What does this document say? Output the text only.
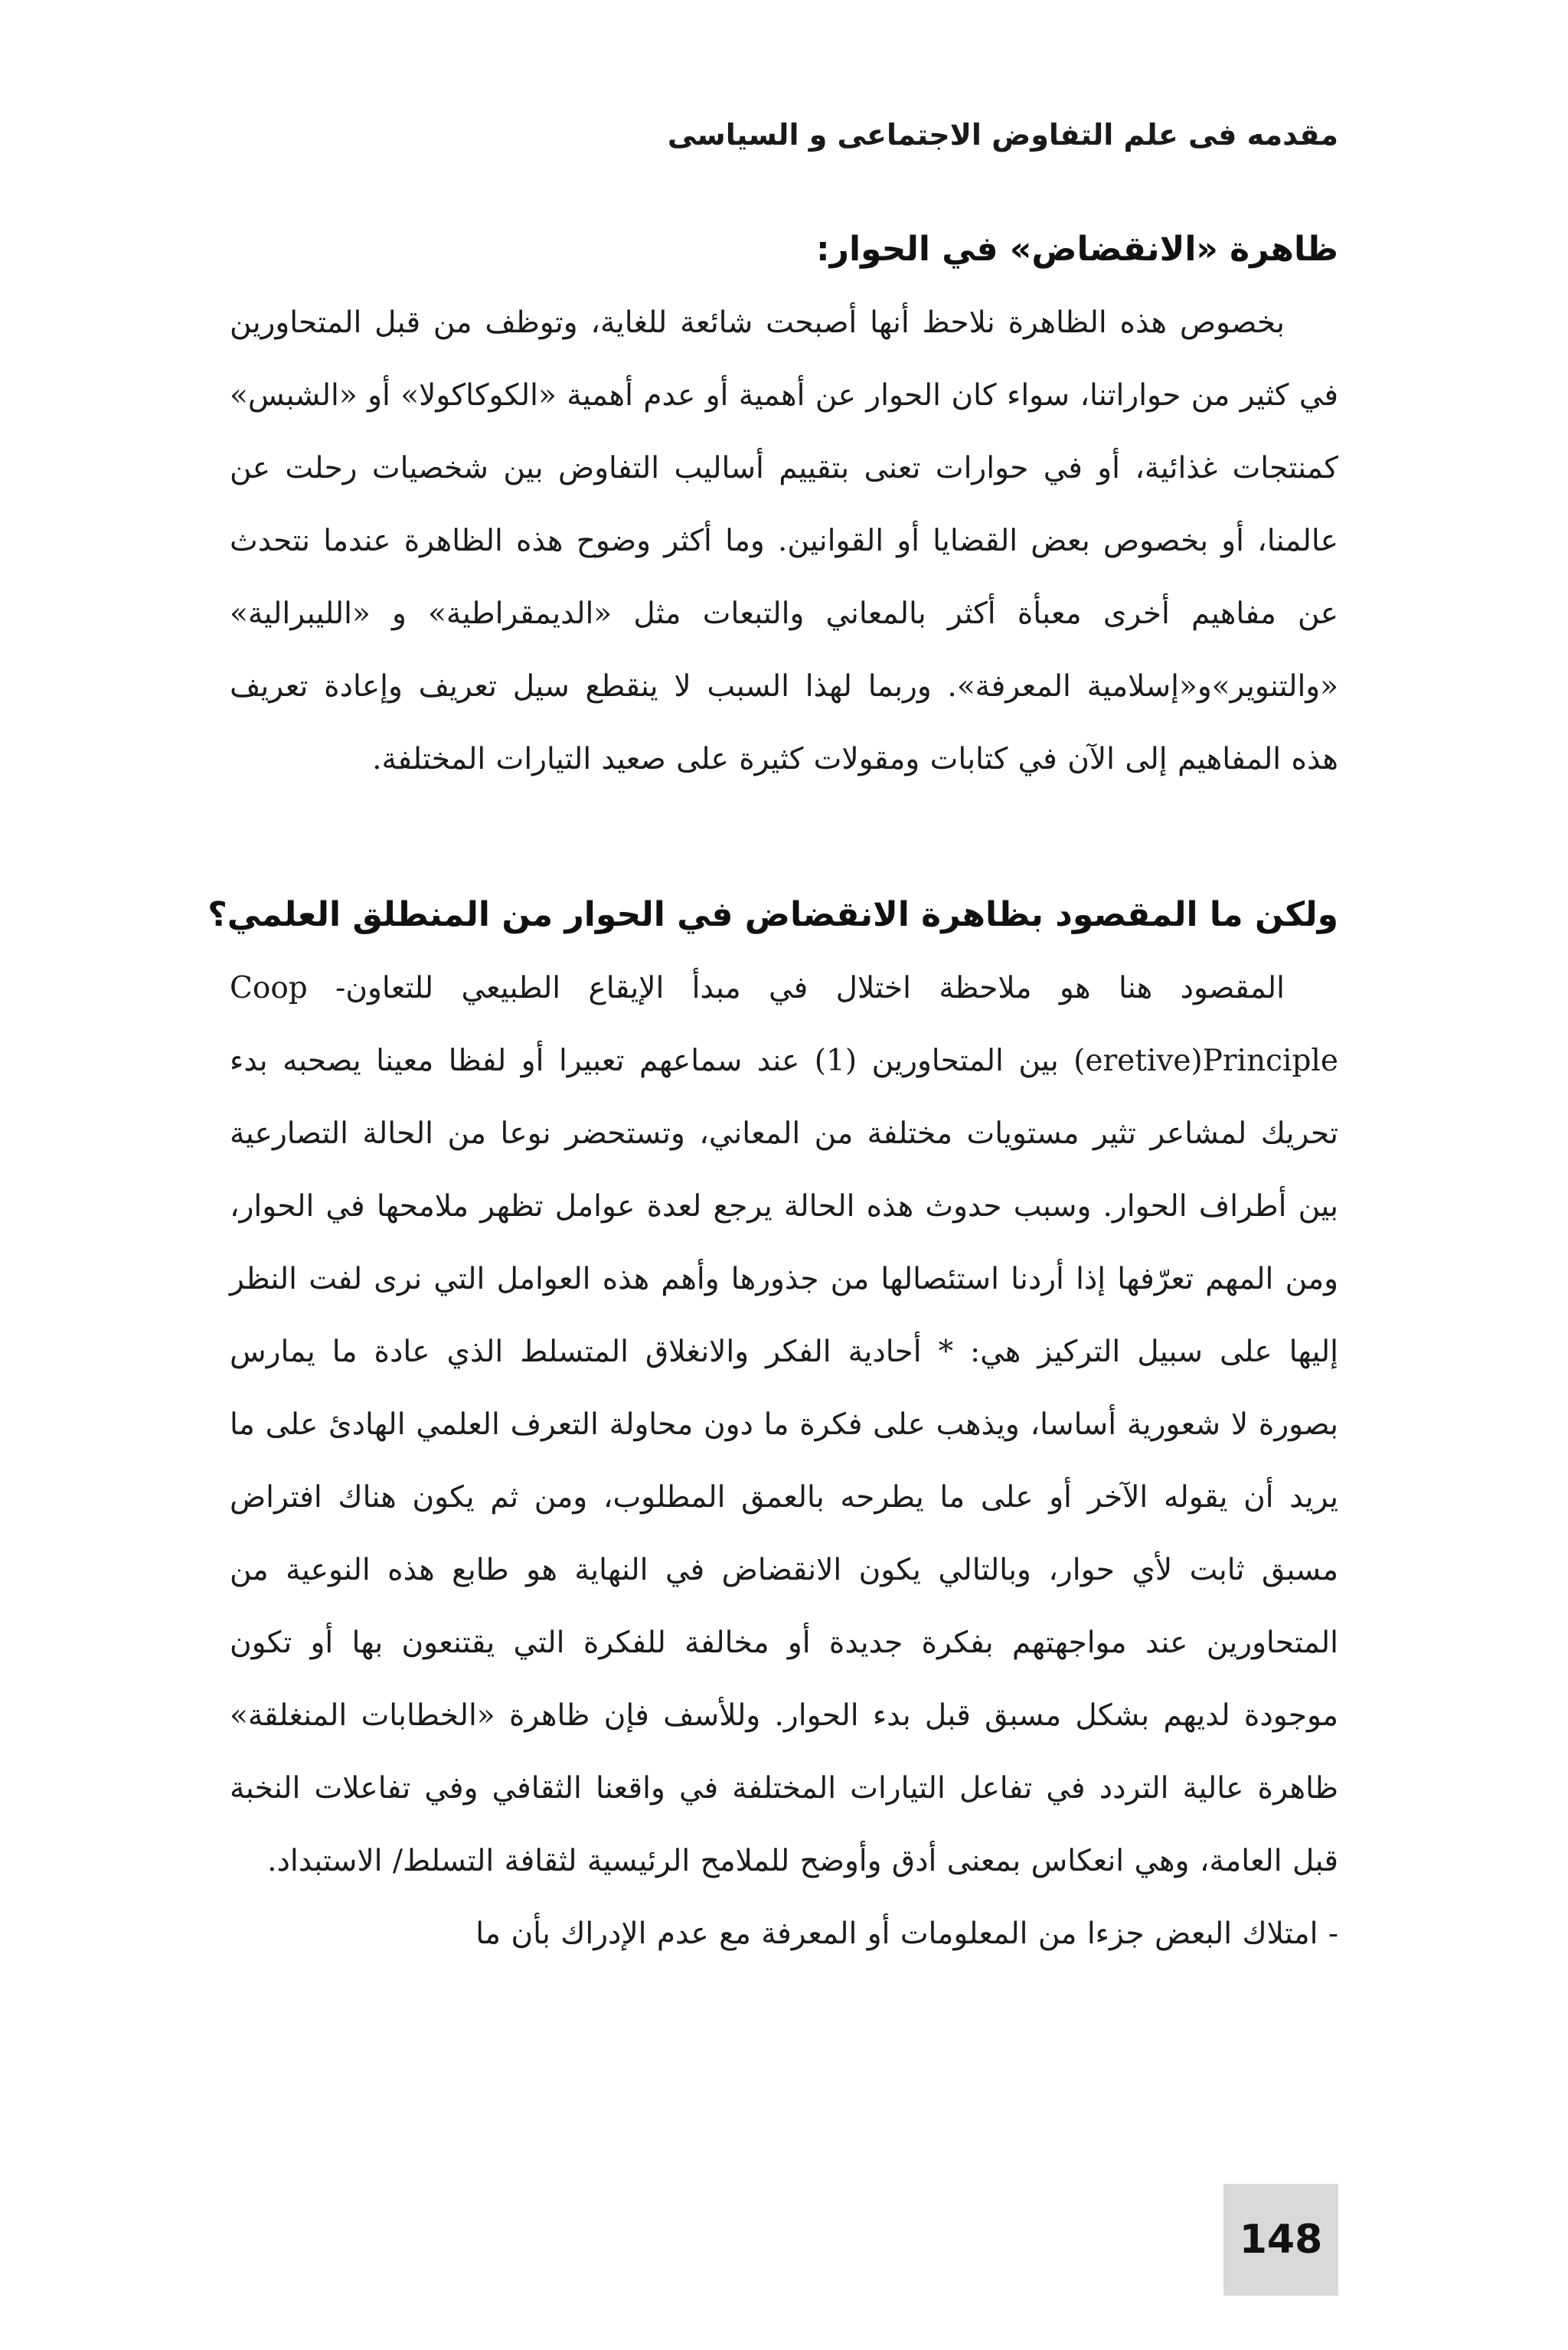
مقدمه فى علم التفاوض الاجتماعى و السياسى
ظاهرة «الانقضاض» في الحوار:

بخصوص هذه الظاهرة نلاحظ أنها أصبحت شائعة للغاية، وتوظف من قبل المتحاورين في كثير من حواراتنا، سواء كان الحوار عن أهمية أو عدم أهمية «الكوكاكولا» أو «الشبس» كمنتجات غذائية، أو في حوارات تعنى بتقييم أساليب التفاوض بين شخصيات رحلت عن عالمنا، أو بخصوص بعض القضايا أو القوانين. وما أكثر وضوح هذه الظاهرة عندما نتحدث عن مفاهيم أخرى معبأة أكثر بالمعاني والتبعات مثل «الديمقراطية» و «الليبرالية» «والتنوير»و«إسلامية المعرفة». وربما لهذا السبب لا ينقطع سيل تعريف وإعادة تعريف هذه المفاهيم إلى الآن في كتابات ومقولات كثيرة على صعيد التيارات المختلفة.

ولكن ما المقصود بظاهرة الانقضاض في الحوار من المنطلق العلمي؟

المقصود هنا هو ملاحظة اختلال في مبدأ الإيقاع الطبيعي للتعاون- Coop (eretive)Principle بين المتحاورين (1) عند سماعهم تعبيرا أو لفظا معينا يصحبه بدء تحريك لمشاعر تثير مستويات مختلفة من المعاني، وتستحضر نوعا من الحالة التصارعية بين أطراف الحوار. وسبب حدوث هذه الحالة يرجع لعدة عوامل تظهر ملامحها في الحوار، ومن المهم تعرّفها إذا أردنا استئصالها من جذورها وأهم هذه العوامل التي نرى لفت النظر إليها على سبيل التركيز هي: * أحادية الفكر والانغلاق المتسلط الذي عادة ما يمارس بصورة لا شعورية أساسا، ويذهب على فكرة ما دون محاولة التعرف العلمي الهادئ على ما يريد أن يقوله الآخر أو على ما يطرحه بالعمق المطلوب، ومن ثم يكون هناك افتراض مسبق ثابت لأي حوار، وبالتالي يكون الانقضاض في النهاية هو طابع هذه النوعية من المتحاورين عند مواجهتهم بفكرة جديدة أو مخالفة للفكرة التي يقتنعون بها أو تكون موجودة لديهم بشكل مسبق قبل بدء الحوار. وللأسف فإن ظاهرة «الخطابات المنغلقة» ظاهرة عالية التردد في تفاعل التيارات المختلفة في واقعنا الثقافي وفي تفاعلات النخبة قبل العامة، وهي انعكاس بمعنى أدق وأوضح للملامح الرئيسية لثقافة التسلط/ الاستبداد.

- امتلاك البعض جزءا من المعلومات أو المعرفة مع عدم الإدراك بأن ما

148
